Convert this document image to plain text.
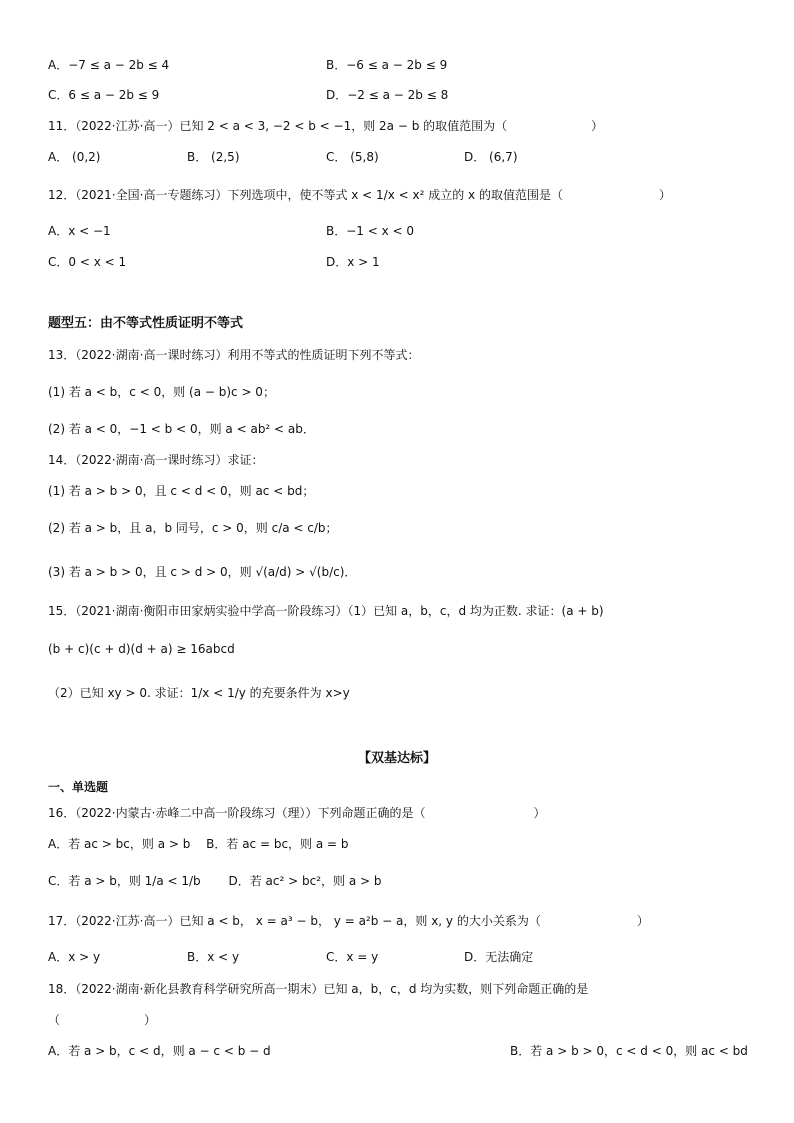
A．−7 ≤ a − 2b ≤ 4	B．−6 ≤ a − 2b ≤ 9
C．6 ≤ a − 2b ≤ 9	D．−2 ≤ a − 2b ≤ 8
11．（2022·江苏·高一）已知 2 < a < 3, −2 < b < −1，则 2a − b 的取值范围为（　　　　　　　）
A． (0,2)	B． (2,5)	C． (5,8)	D． (6,7)
12．（2021·全国·高一专题练习）下列选项中，使不等式 x < 1/x < x² 成立的 x 的取值范围是（　　　　　　　　）
A．x < −1	B．−1 < x < 0
C．0 < x < 1	D．x > 1
题型五：由不等式性质证明不等式
13．（2022·湖南·高一课时练习）利用不等式的性质证明下列不等式：
(1) 若 a < b，c < 0，则 (a − b)c > 0；
(2) 若 a < 0，−1 < b < 0，则 a < ab² < ab．
14．（2022·湖南·高一课时练习）求证：
(1) 若 a > b > 0，且 c < d < 0，则 ac < bd；
(2) 若 a > b，且 a，b 同号，c > 0，则 c/a < c/b；
(3) 若 a > b > 0，且 c > d > 0，则 √(a/d) > √(b/c)．
15．（2021·湖南·衡阳市田家炳实验中学高一阶段练习）（1）已知 a，b，c，d 均为正数. 求证：(a + b)
(b + c)(c + d)(d + a) ≥ 16abcd
（2）已知 xy > 0. 求证：1/x < 1/y 的充要条件为 x>y
【双基达标】
一、单选题
16．（2022·内蒙古·赤峰二中高一阶段练习（理））下列命题正确的是（　　　　　　　　　）
A．若 ac > bc，则 a > b　 B．若 ac = bc，则 a = b
C．若 a > b，则 1/a < 1/b　　 D．若 ac² > bc²，则 a > b
17．（2022·江苏·高一）已知 a < b， x = a³ − b， y = a²b − a，则 x, y 的大小关系为（　　　　　　　　）
A．x > y	B．x < y	C．x = y	D．无法确定
18．（2022·湖南·新化县教育科学研究所高一期末）已知 a，b，c，d 均为实数，则下列命题正确的是
（　　　　　　　）
A．若 a > b，c < d，则 a − c < b − d	B．若 a > b > 0，c < d < 0，则 ac < bd
